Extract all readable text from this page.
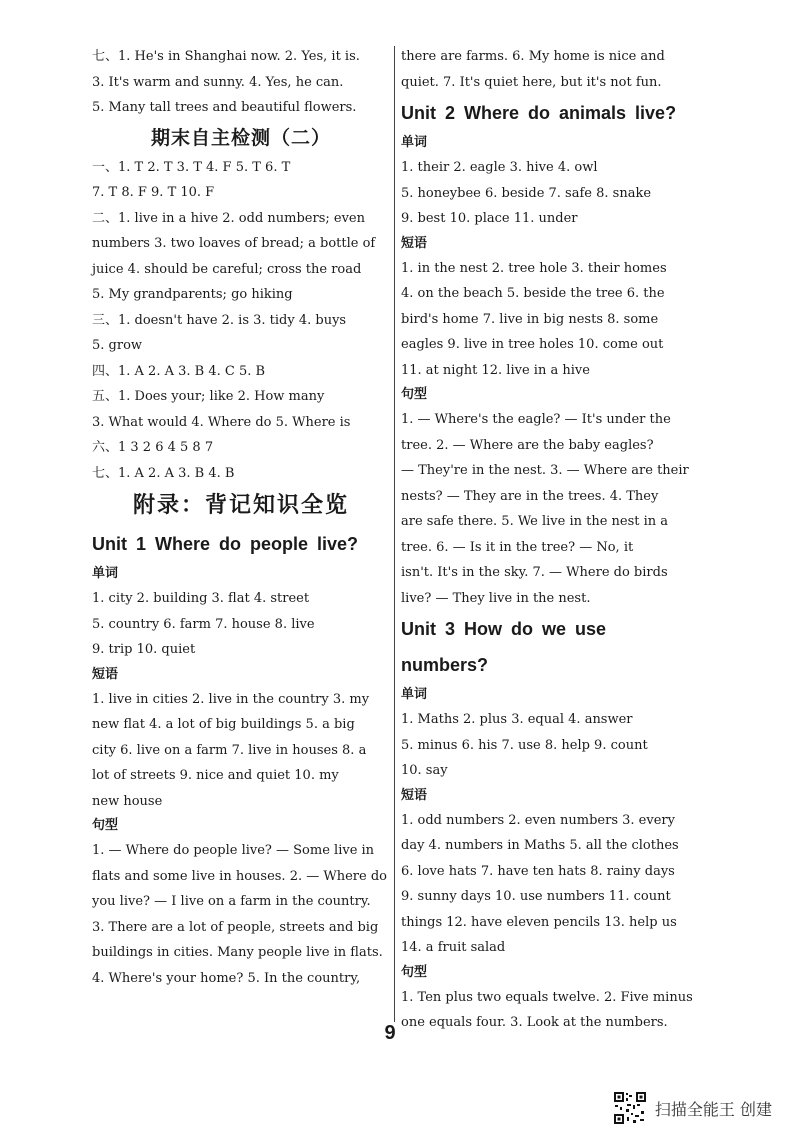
七、1. He's in Shanghai now. 2. Yes, it is.
3. It's warm and sunny. 4. Yes, he can.
5. Many tall trees and beautiful flowers.
期末自主检测（二）
一、1. T 2. T 3. T 4. F 5. T 6. T
7. T 8. F 9. T 10. F
二、1. live in a hive 2. odd numbers; even
numbers 3. two loaves of bread; a bottle of
juice 4. should be careful; cross the road
5. My grandparents; go hiking
三、1. doesn't have 2. is 3. tidy 4. buys
5. grow
四、1. A 2. A 3. B 4. C 5. B
五、1. Does your; like 2. How many
3. What would 4. Where do 5. Where is
六、1 3 2 6 4 5 8 7
七、1. A 2. A 3. B 4. B
附录：背记知识全览
Unit 1 Where do people live?
单词
1. city 2. building 3. flat 4. street
5. country 6. farm 7. house 8. live
9. trip 10. quiet
短语
1. live in cities 2. live in the country 3. my
new flat 4. a lot of big buildings 5. a big
city 6. live on a farm 7. live in houses 8. a
lot of streets 9. nice and quiet 10. my
new house
句型
1. — Where do people live? — Some live in
flats and some live in houses. 2. — Where do
you live? — I live on a farm in the country.
3. There are a lot of people, streets and big
buildings in cities. Many people live in flats.
4. Where's your home? 5. In the country,
there are farms. 6. My home is nice and
quiet. 7. It's quiet here, but it's not fun.
Unit 2 Where do animals live?
单词
1. their 2. eagle 3. hive 4. owl
5. honeybee 6. beside 7. safe 8. snake
9. best 10. place 11. under
短语
1. in the nest 2. tree hole 3. their homes
4. on the beach 5. beside the tree 6. the
bird's home 7. live in big nests 8. some
eagles 9. live in tree holes 10. come out
11. at night 12. live in a hive
句型
1. — Where's the eagle? — It's under the
tree. 2. — Where are the baby eagles?
— They're in the nest. 3. — Where are their
nests? — They are in the trees. 4. They
are safe there. 5. We live in the nest in a
tree. 6. — Is it in the tree? — No, it
isn't. It's in the sky. 7. — Where do birds
live? — They live in the nest.
Unit 3 How do we use numbers?
单词
1. Maths 2. plus 3. equal 4. answer
5. minus 6. his 7. use 8. help 9. count
10. say
短语
1. odd numbers 2. even numbers 3. every
day 4. numbers in Maths 5. all the clothes
6. love hats 7. have ten hats 8. rainy days
9. sunny days 10. use numbers 11. count
things 12. have eleven pencils 13. help us
14. a fruit salad
句型
1. Ten plus two equals twelve. 2. Five minus
one equals four. 3. Look at the numbers.
9
扫描全能王 创建
